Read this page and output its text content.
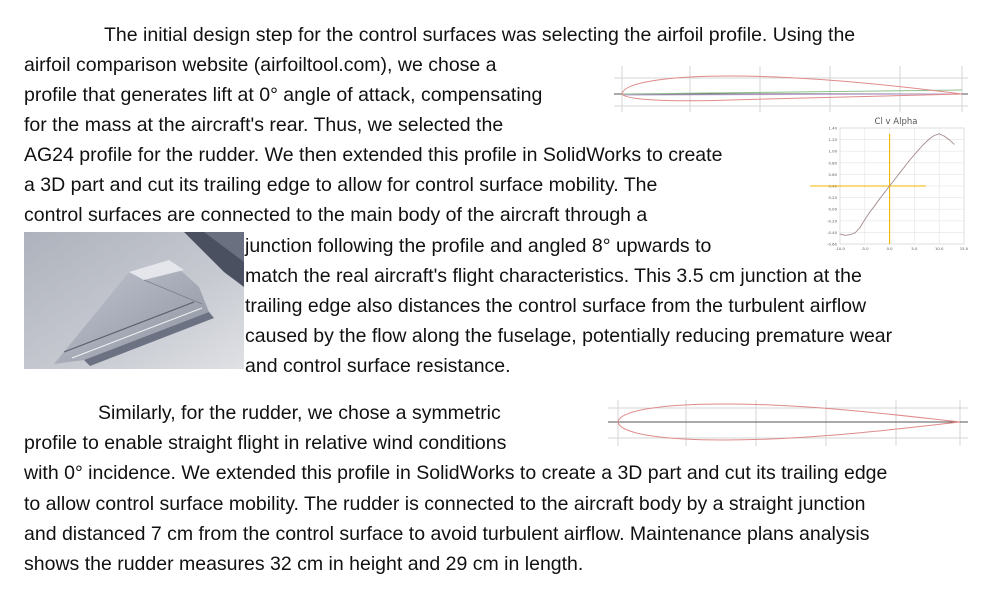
The initial design step for the control surfaces was selecting the airfoil profile. Using the
airfoil comparison website (airfoiltool.com), we chose a
profile that generates lift at 0° angle of attack, compensating
for the mass at the aircraft's rear. Thus, we selected the
AG24 profile for the rudder. We then extended this profile in SolidWorks to create
a 3D part and cut its trailing edge to allow for control surface mobility. The
control surfaces are connected to the main body of the aircraft through a
junction following the profile and angled 8° upwards to
match the real aircraft's flight characteristics. This 3.5 cm junction at the
trailing edge also distances the control surface from the turbulent airflow
caused by the flow along the fuselage, potentially reducing premature wear
and control surface resistance.
Similarly, for the rudder, we chose a symmetric
profile to enable straight flight in relative wind conditions
with 0° incidence. We extended this profile in SolidWorks to create a 3D part and cut its trailing edge
to allow control surface mobility. The rudder is connected to the aircraft body by a straight junction
and distanced 7 cm from the control surface to avoid turbulent airflow. Maintenance plans analysis
shows the rudder measures 32 cm in height and 29 cm in length.
Cl v Alpha
1.40
1.20
1.00
0.80
0.60
0.40
0.20
0.00
-0.20
-0.40
-0.60
-10.0	-5.0	0.0	5.0	10.0	15.0
